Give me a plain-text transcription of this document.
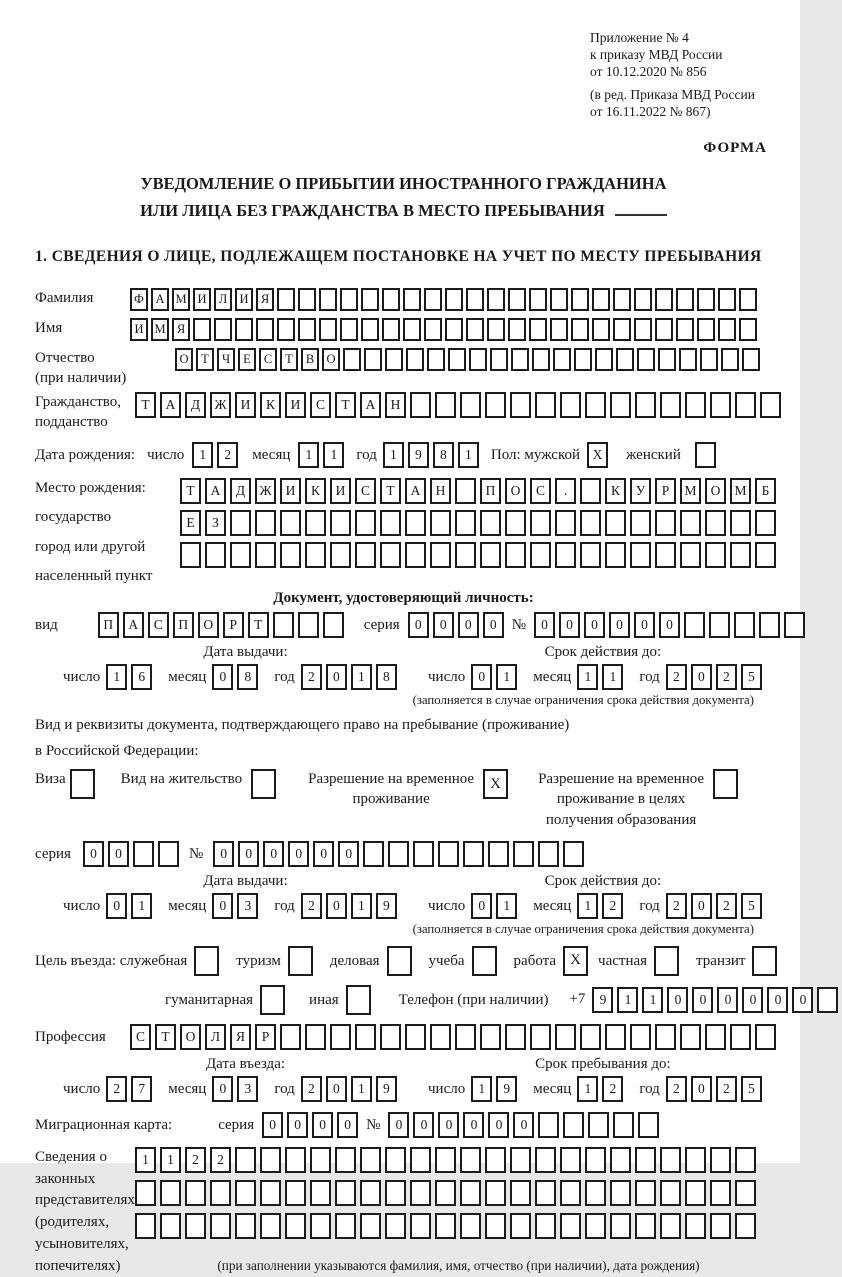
Приложение № 4
к приказу МВД России
от 10.12.2020 № 856
(в ред. Приказа МВД России
от 16.11.2022 № 867)
ФОРМА
УВЕДОМЛЕНИЕ О ПРИБЫТИИ ИНОСТРАННОГО ГРАЖДАНИНА
ИЛИ ЛИЦА БЕЗ ГРАЖДАНСТВА В МЕСТО ПРЕБЫВАНИЯ
1. СВЕДЕНИЯ О ЛИЦЕ, ПОДЛЕЖАЩЕМ ПОСТАНОВКЕ НА УЧЕТ ПО МЕСТУ ПРЕБЫВАНИЯ
Фамилия	Ф А М И Л И Я
Имя	И М Я
Отчество
(при наличии)
О	Т	Ч	Е	С	Т	В О
Гражданство,
подданство
Т	А	Д	Ж	И	К	И	С	Т	А	Н
Дата рождения: число	1	2	месяц	1	1	год 1	9	8	1	Пол: мужской X	женский
Место рождения:
государство
город или другой
населенный пункт
Т	А	Д	Ж	И	К	И	С	Т	А	Н	П	О	С	.	К	У	Р	М	О	М	Б

Е	З

Документ, удостоверяющий личность:
вид	П	А	С	П	О	Р	Т	серия	0	0	0	0	№	0	0	0	0	0	0
Дата выдачи:
число 1	6	месяц 0	8	год 2	0	1	8
Срок действия до:
число 0	1	месяц 1	1	год 2	0	2	5
(заполняется в случае ограничения срока действия документа)
Вид и реквизиты документа, подтверждающего право на пребывание (проживание)
в Российской Федерации:
Виза	Вид на жительство	Разрешение на временное
проживание
X	Разрешение на временное
проживание в целях
получения образования
серия	0	0	№	0	0	0	0	0	0
Дата выдачи:
число 0	1	месяц 0	3	год 2	0	1	9
Срок действия до:
число 0	1	месяц 1	2	год 2	0	2	5
(заполняется в случае ограничения срока действия документа)
Цель въезда: служебная	туризм	деловая	учеба	работа X	частная	транзит
гуманитарная	иная	Телефон (при наличии) +7	9	1	1	0	0	0	0	0	0
Профессия	С	Т	О	Л	Я	Р
Дата въезда:
число 2	7	месяц 0	3	год 2	0	1	9
Срок пребывания до:
число 1	9	месяц 1	2	год 2	0	2	5
Миграционная карта:	серия	0	0	0	0	№	0	0	0	0	0	0
Сведения о
законных
представителях
(родителях,
усыновителях,
попечителях)
1	1	2	2

(при заполнении указываются фамилия, имя, отчество (при наличии), дата рождения)
